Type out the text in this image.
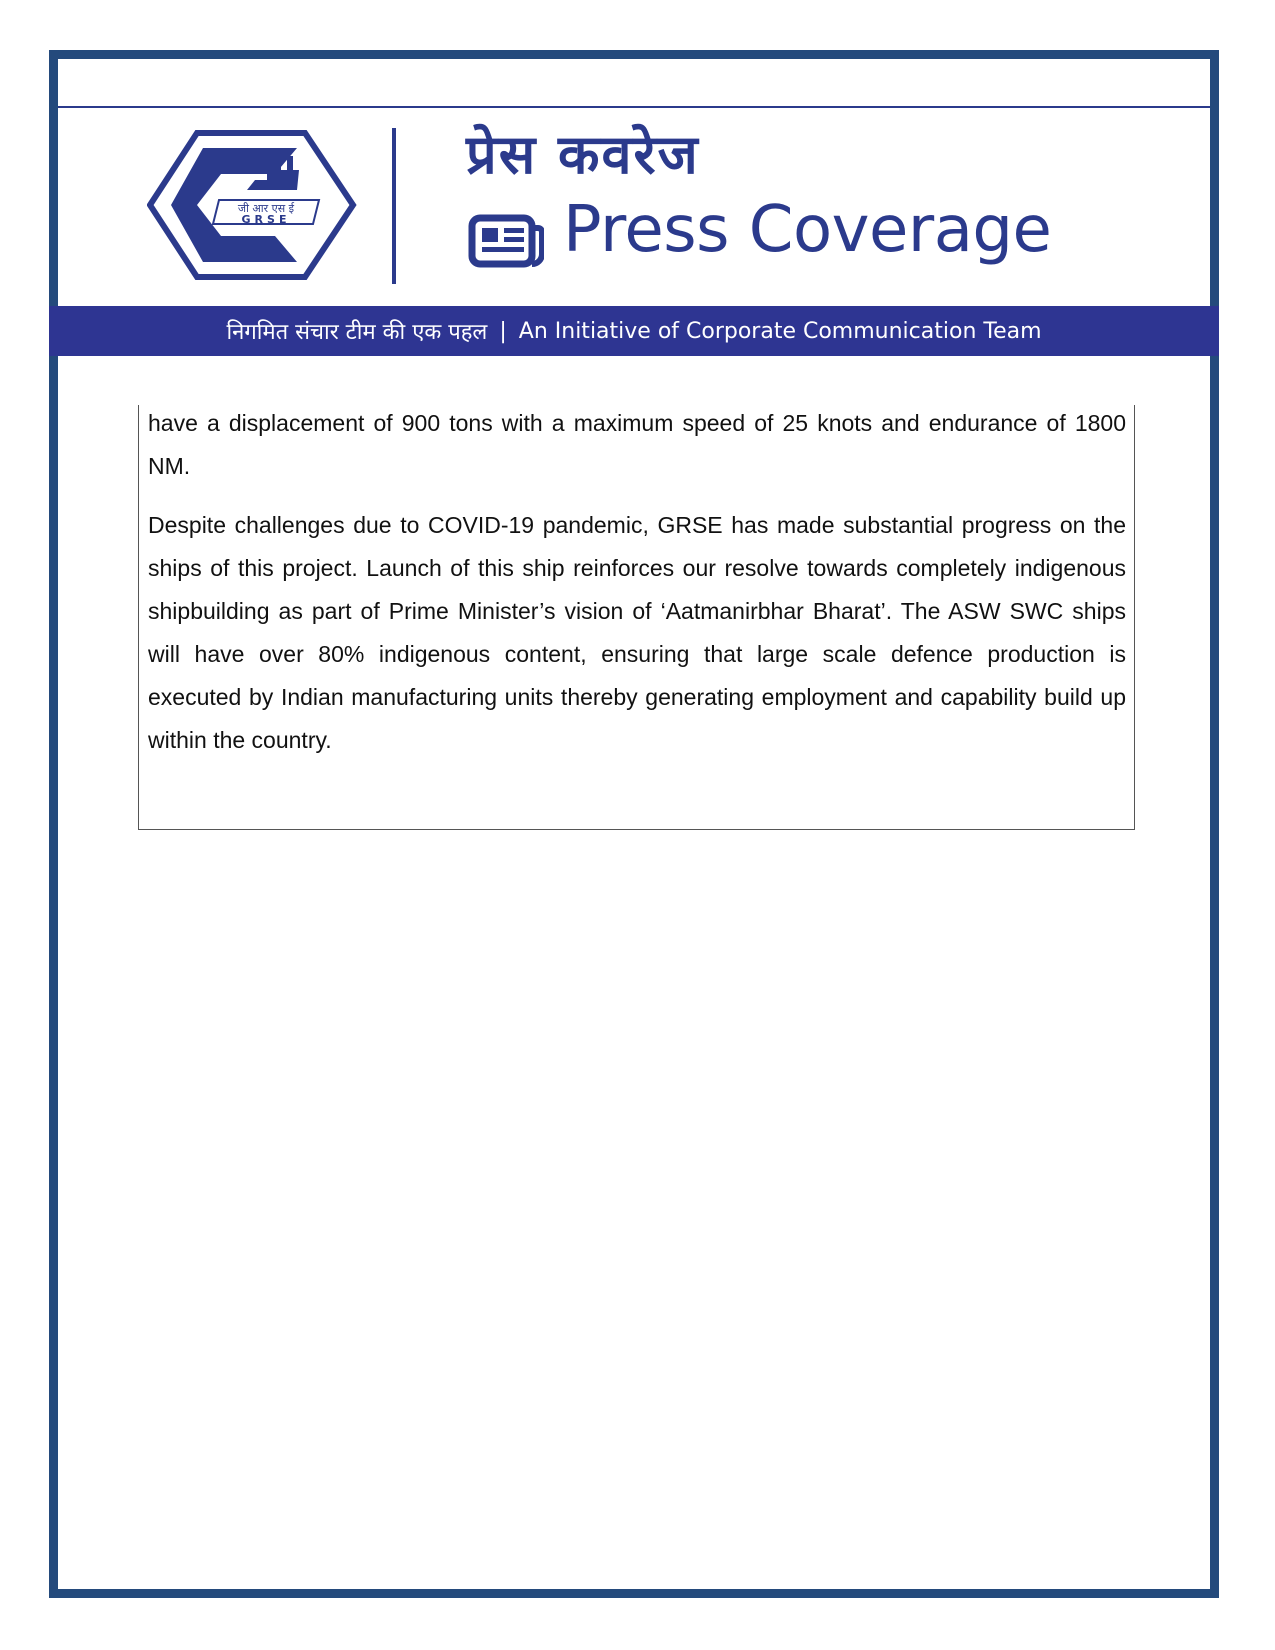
जी आर एस ई
GRSE
प्रेस कवरेज
Press Coverage
निगमित संचार टीम की एक पहल | An Initiative of Corporate Communication Team

have a displacement of 900 tons with a maximum speed of 25 knots and endurance of 1800 NM.

Despite challenges due to COVID-19 pandemic, GRSE has made substantial progress on the ships of this project. Launch of this ship reinforces our resolve towards completely indigenous shipbuilding as part of Prime Minister’s vision of ‘Aatmanirbhar Bharat’. The ASW SWC ships will have over 80% indigenous content, ensuring that large scale defence production is executed by Indian manufacturing units thereby generating employment and capability build up within the country.
